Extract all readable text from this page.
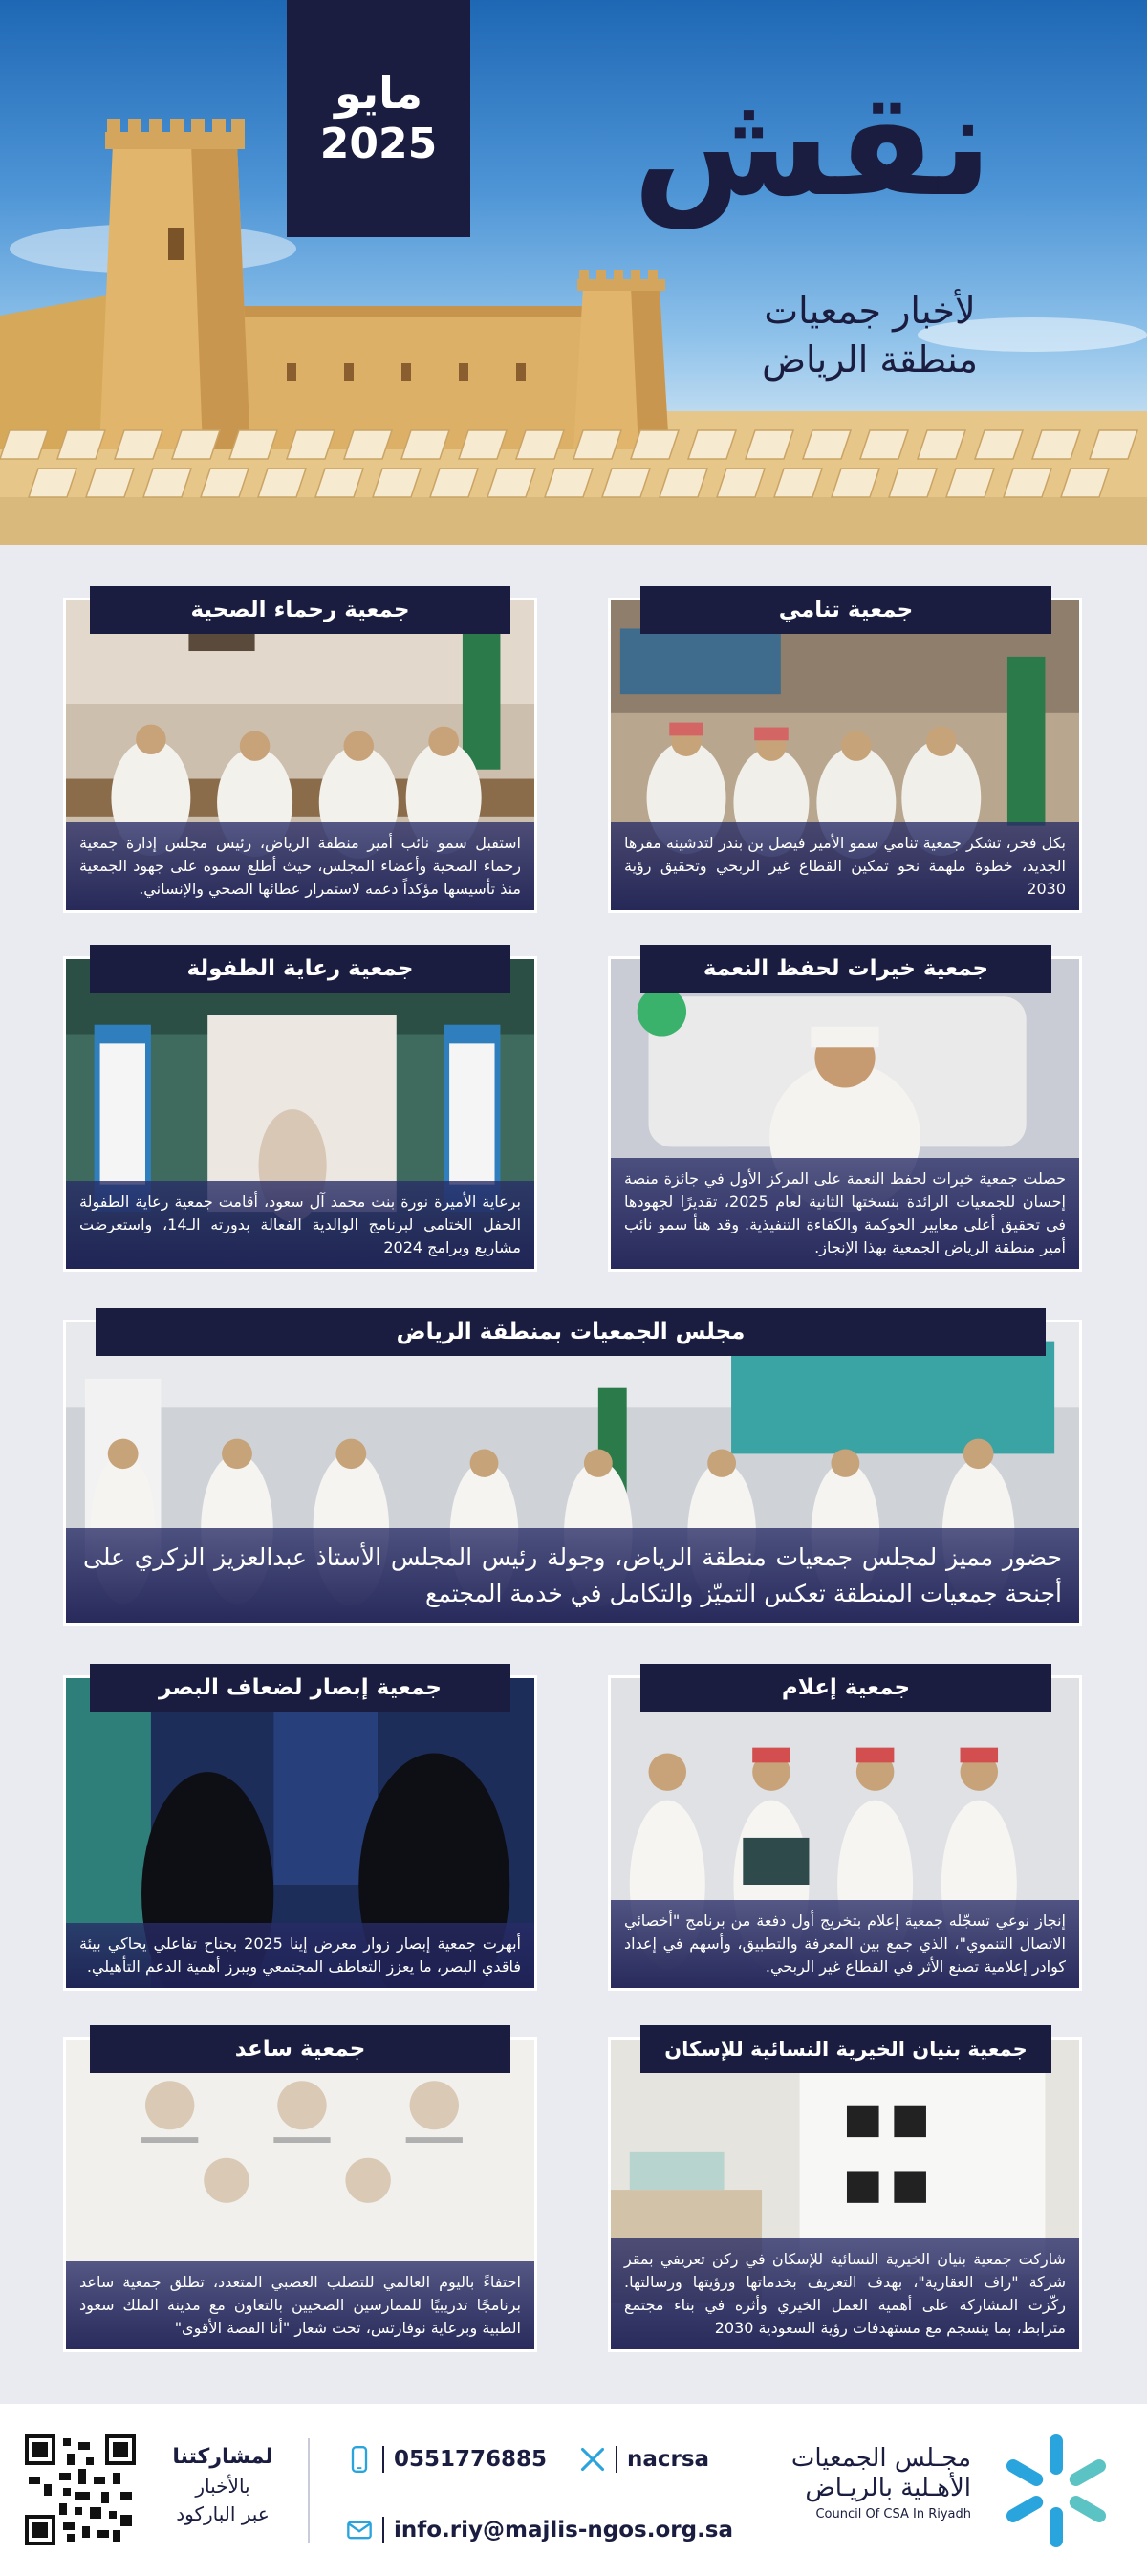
مايو
2025	نقش
لأخبار جمعيات
منطقة الرياض
جمعية تنامي
بكل فخر، تشكر جمعية تنامي سمو الأمير فيصل بن بندر لتدشينه مقرها الجديد، خطوة ملهمة نحو تمكين القطاع غير الربحي وتحقيق رؤية 2030
جمعية رحماء الصحية
استقبل سمو نائب أمير منطقة الرياض، رئيس مجلس إدارة جمعية رحماء الصحية وأعضاء المجلس، حيث أطلع سموه على جهود الجمعية منذ تأسيسها مؤكداً دعمه لاستمرار عطائها الصحي والإنساني.
جمعية خيرات لحفظ النعمة
حصلت جمعية خيرات لحفظ النعمة على المركز الأول في جائزة منصة إحسان للجمعيات الرائدة بنسختها الثانية لعام 2025، تقديرًا لجهودها في تحقيق أعلى معايير الحوكمة والكفاءة التنفيذية. وقد هنأ سمو نائب أمير منطقة الرياض الجمعية بهذا الإنجاز.
جمعية رعاية الطفولة
برعاية الأميرة نورة بنت محمد آل سعود، أقامت جمعية رعاية الطفولة الحفل الختامي لبرنامج الوالدية الفعالة بدورته الـ14، واستعرضت مشاريع وبرامج 2024
مجلس الجمعيات بمنطقة الرياض
حضور مميز لمجلس جمعيات منطقة الرياض، وجولة رئيس المجلس الأستاذ عبدالعزيز الزكري على أجنحة جمعيات المنطقة تعكس التميّز والتكامل في خدمة المجتمع
جمعية إعلام
إنجاز نوعي تسجّله جمعية إعلام بتخريج أول دفعة من برنامج "أخصائي الاتصال التنموي"، الذي جمع بين المعرفة والتطبيق، وأسهم في إعداد كوادر إعلامية تصنع الأثر في القطاع غير الربحي.
جمعية إبصار لضعاف البصر
أبهرت جمعية إبصار زوار معرض إينا 2025 بجناح تفاعلي يحاكي بيئة فاقدي البصر، ما يعزز التعاطف المجتمعي ويبرز أهمية الدعم التأهيلي.
جمعية بنيان الخيرية النسائية للإسكان
شاركت جمعية بنيان الخيرية النسائية للإسكان في ركن تعريفي بمقر شركة "راف العقارية"، بهدف التعريف بخدماتها ورؤيتها ورسالتها. ركّزت المشاركة على أهمية العمل الخيري وأثره في بناء مجتمع مترابط، بما ينسجم مع مستهدفات رؤية السعودية 2030
جمعية ساعد
احتفاءً باليوم العالمي للتصلب العصبي المتعدد، تطلق جمعية ساعد برنامجًا تدريبيًا للممارسين الصحيين بالتعاون مع مدينة الملك سعود الطبية وبرعاية نوفارتس، تحت شعار "أنا القصة الأقوى"
لمشاركتنا
بالأخبار
عبر الباركود
0551776885	nacrsa
info.riy@majlis-ngos.org.sa
مجـلس الجمعيات
الأهـلية بالريـاض
Council Of CSA In Riyadh
